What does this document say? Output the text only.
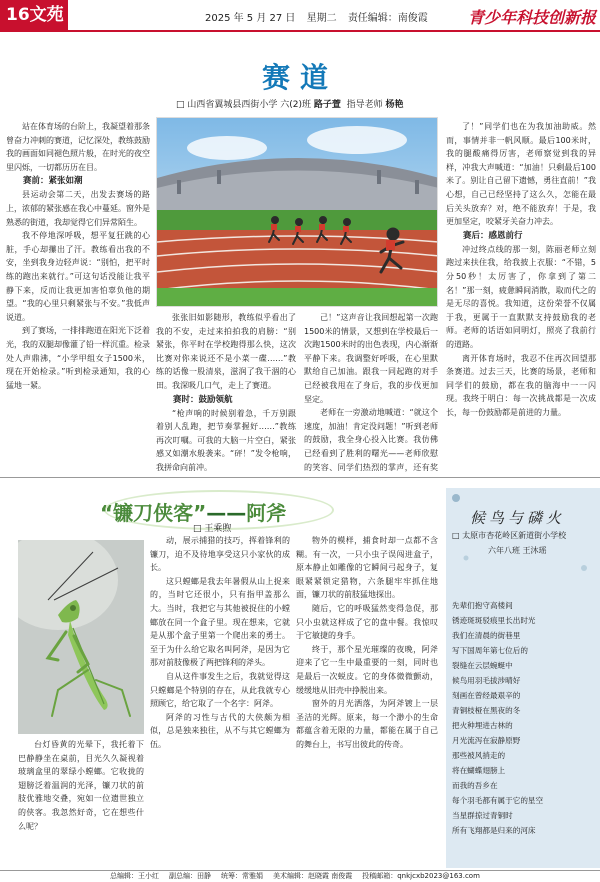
16文苑	2025 年 5 月 27 日 星期二 责任编辑：南俊霞	青少年科技创新报
赛道
□ 山西省翼城县西街小学 六(2)班 路子萱 指导老师 杨艳

站在体育场的台阶上，我凝望着那条曾奋力冲刺的赛道，记忆深处，教练鼓励我的画面如同褪色照片般，在时光的夜空里闪烁，一切都历历在目。

赛前：紧张如潮

县运动会第二天，出发去赛场的路上，浓郁的紧张感在我心中蔓延。窗外是熟悉的街道，我却觉得它们异常陌生。

我不停地深呼吸，想平复狂跳的心脏，手心却攥出了汗。教练看出我的不安，坐到我身边轻声说：“别怕，把平时练的跑出来就行。”可这句话没能让我平静下来，反而让我更加害怕辜负他的期望。“我的心里只剩紧张与不安。”我低声说道。

到了赛场，一排排跑道在阳光下泛着光，我的双腿却像灌了铅一样沉重。检录处人声鼎沸，“小学甲组女子1500米，现在开始检录。”听到检录通知，我的心猛地一紧。

张张旧如影随形，教练似乎看出了我的不安，走过来拍拍我的肩膀：“别紧张，你平时在学校跑得那么快，这次比赛对你来说还不是小菜一碟……”教练的话像一股清泉，滋润了我干涸的心田。我深吸几口气，走上了赛道。

赛时：鼓励领航

“枪声响的时候别着急，千万别跟着别人乱跑，把节奏掌握好……”教练再次叮嘱。可我的大脑一片空白，紧张感又如潮水般袭来。“砰！”发令枪响，我拼命向前冲。

己！”这声音让我回想起第一次跑1500米的情景，又想到在学校最后一次跑1500米时的出色表现，内心渐渐平静下来。我调整好呼吸，在心里默默给自己加油。跟我一同起跑的对手已经被我甩在了身后，我的步伐更加坚定。

老师在一旁激动地喊道：“就这个速度，加油！肯定没问题！”听到老师的鼓励，我全身心投入比赛。我仿佛已经看到了胜利的曙光——老师欣慰的笑容、同学们热烈的掌声，还有奖

了！”同学们也在为我加油助威。然而，事情并非一帆风顺。最后100米时，我的腿酸痛得厉害，老师察觉到我的异样，冲我大声喊道：“加油！只剩最后100米了。别让自己留下遗憾，勇往直前！”我心想，自己已经坚持了这么久，怎能在最后关头放弃？对，绝不能放弃！于是，我更加坚定，咬紧牙关奋力冲去。

赛后：感恩前行

冲过终点线的那一刻，陈丽老师立刻跑过来扶住我，给我披上衣服：“不错，5分50秒！太厉害了，你拿到了第二名！”那一刻，疲惫瞬间消散，取而代之的是无尽的喜悦。我知道，这份荣誉不仅属于我，更属于一直默默支持鼓励我的老师。老师的话语如同明灯，照亮了我前行的道路。

离开体育场时，我忍不住再次回望那条赛道。过去三天，比赛的场景，老师和同学们的鼓励，都在我的脑海中一一闪现。我终于明白：每一次挑战都是一次成长，每一份鼓励都是前进的力量。

“镰刀侠客”——阿斧
□ 王乘煦

台灯昏黄的光晕下，我托着下巴静静坐在桌前，目光久久凝视着玻璃盒里的翠绿小螳螂。它收拢的翅膀泛着温润的光泽，镰刀状的前肢优雅地交叠，宛如一位遗世独立的侠客。我忽然好奇，它在想些什么呢？

动，展示捕猎的技巧，挥着锋利的镰刀，迫不及待地享受这只小家伙的成长。

这只螳螂是我去年暑假从山上捉来的，当时它还很小，只有指甲盖那么大。当时，我把它与其他被捉住的小螳螂放在同一个盒子里。现在想来，它就是从那个盒子里第一个爬出来的勇士。至于为什么给它取名叫阿斧，是因为它那对前肢像极了两把锋利的斧头。

自从这件事发生之后，我就觉得这只螳螂是个特别的存在，从此我就专心照顾它，给它取了一个名字：阿斧。

阿斧的习性与古代的大侠颇为相似，总是独来独往，从不与其它螳螂为伍。

物外的模样，捕食时却一点都不含糊。有一次，一只小虫子误闯进盒子，原本静止如雕像的它瞬间弓起身子，复眼紧紧锁定猎物，六条腿牢牢抓住地面，镰刀状的前肢猛地探出。

随后，它的呼吸猛然变得急促，那只小虫就这样成了它的盘中餐。我惊叹于它敏捷的身手。

终于，那个星光璀璨的夜晚，阿斧迎来了它一生中最重要的一刻，同时也是最后一次蜕皮。它的身体微微颤动，缓缓地从旧壳中挣脱出来。

窗外的月光洒落，为阿斧镀上一层圣洁的光辉。原来，每一个渺小的生命都蕴含着无限的力量，都能在属于自己的舞台上，书写出彼此的传奇。

候鸟与磷火
□ 太原市杏花岭区新道街小学校
六年八班 王沐瑶
先辈们抱守高楼间
锈迹斑斑驳痕里长出时光
我们在清晨的街巷里
写下国周年第七位后的
裂缝在云层蜿蜒中
候鸟用羽毛拔涉晴好
刻画在曾经最艰辛的
青铜枝桠在黑夜的冬
把火种埋进古林的
月光流泻在寂静原野
那些被风捎走的
将在蝴蝶翅膀上
而我的吾乡在
每个羽毛都有属于它的星空
当星群掠过青铜时
所有飞翔都是归来的河床
总编辑：王小红 副总编：田静 统筹：常雅娟 美术编辑：赵晓霞 南俊霞 投稿邮箱：qnkjcxb2023@163.com
